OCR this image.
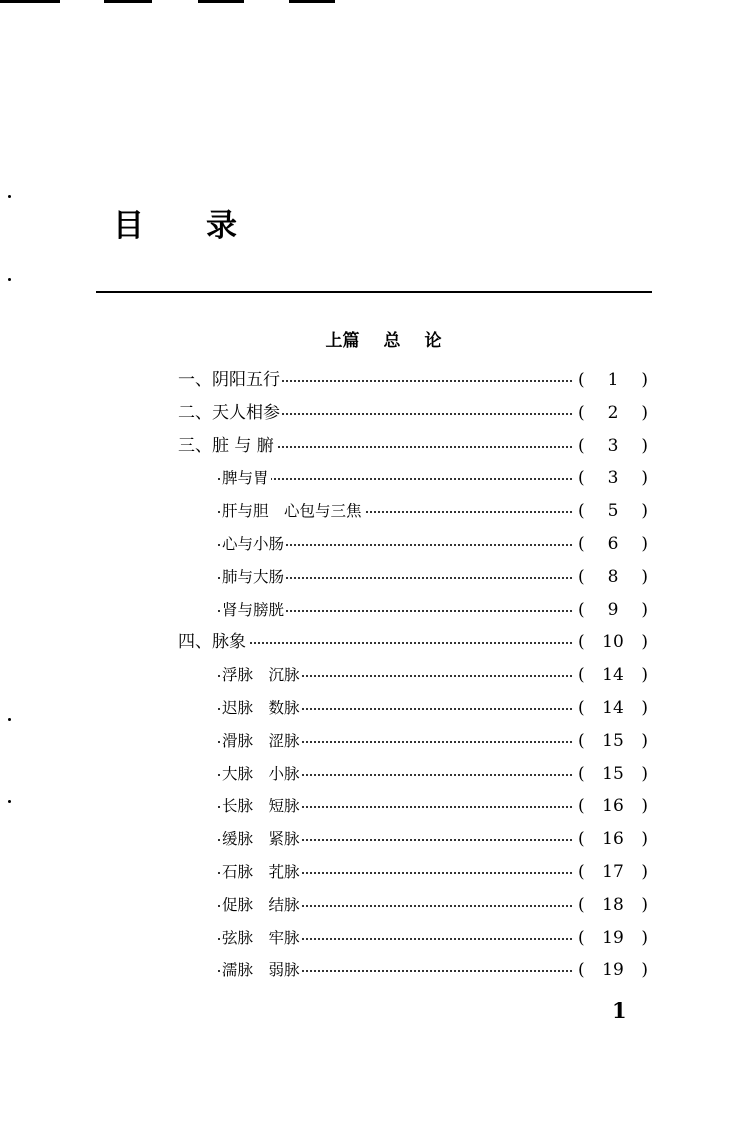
目 录
上篇 总 论
一、阴阳五行	( 1 )
二、天人相参	( 2 )
三、脏 与 腑	( 3 )
脾与胃	( 3 )
肝与胆　心包与三焦	( 5 )
心与小肠	( 6 )
肺与大肠	( 8 )
肾与膀胱	( 9 )
四、脉象	( 10 )
浮脉　沉脉	( 14 )
迟脉　数脉	( 14 )
滑脉　涩脉	( 15 )
大脉　小脉	( 15 )
长脉　短脉	( 16 )
缓脉　紧脉	( 16 )
石脉　芤脉	( 17 )
促脉　结脉	( 18 )
弦脉　牢脉	( 19 )
濡脉　弱脉	( 19 )
1
